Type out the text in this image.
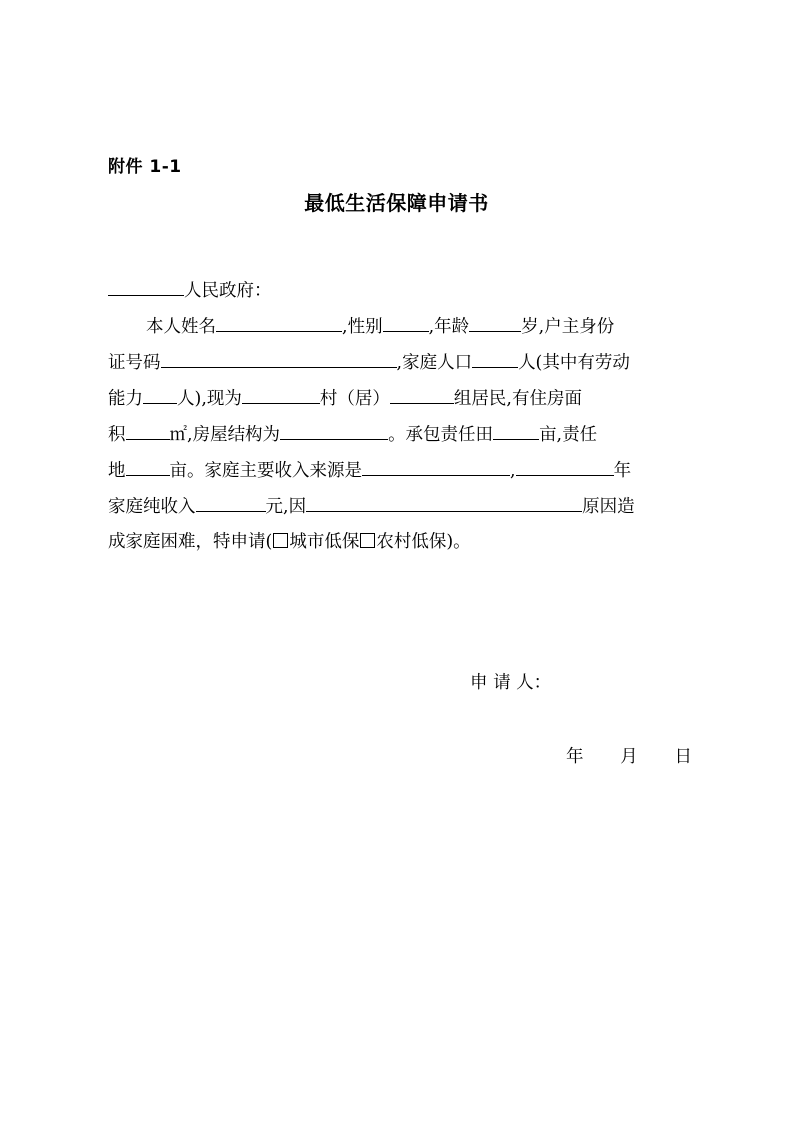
附件 1-1
最低生活保障申请书
人民政府：
本人姓名	,性别	,年龄	岁,户主身份
证号码	,家庭人口	人(其中有劳动
能力 人),现为	村（居）	组居民,有住房面
积	㎡,房屋结构为	。承包责任田	亩,责任
地	亩。家庭主要收入来源是	,	年
家庭纯收入	元,因	原因造
成家庭困难，特申请( 城市低保 农村低保)。
申 请 人：
年 月 日
